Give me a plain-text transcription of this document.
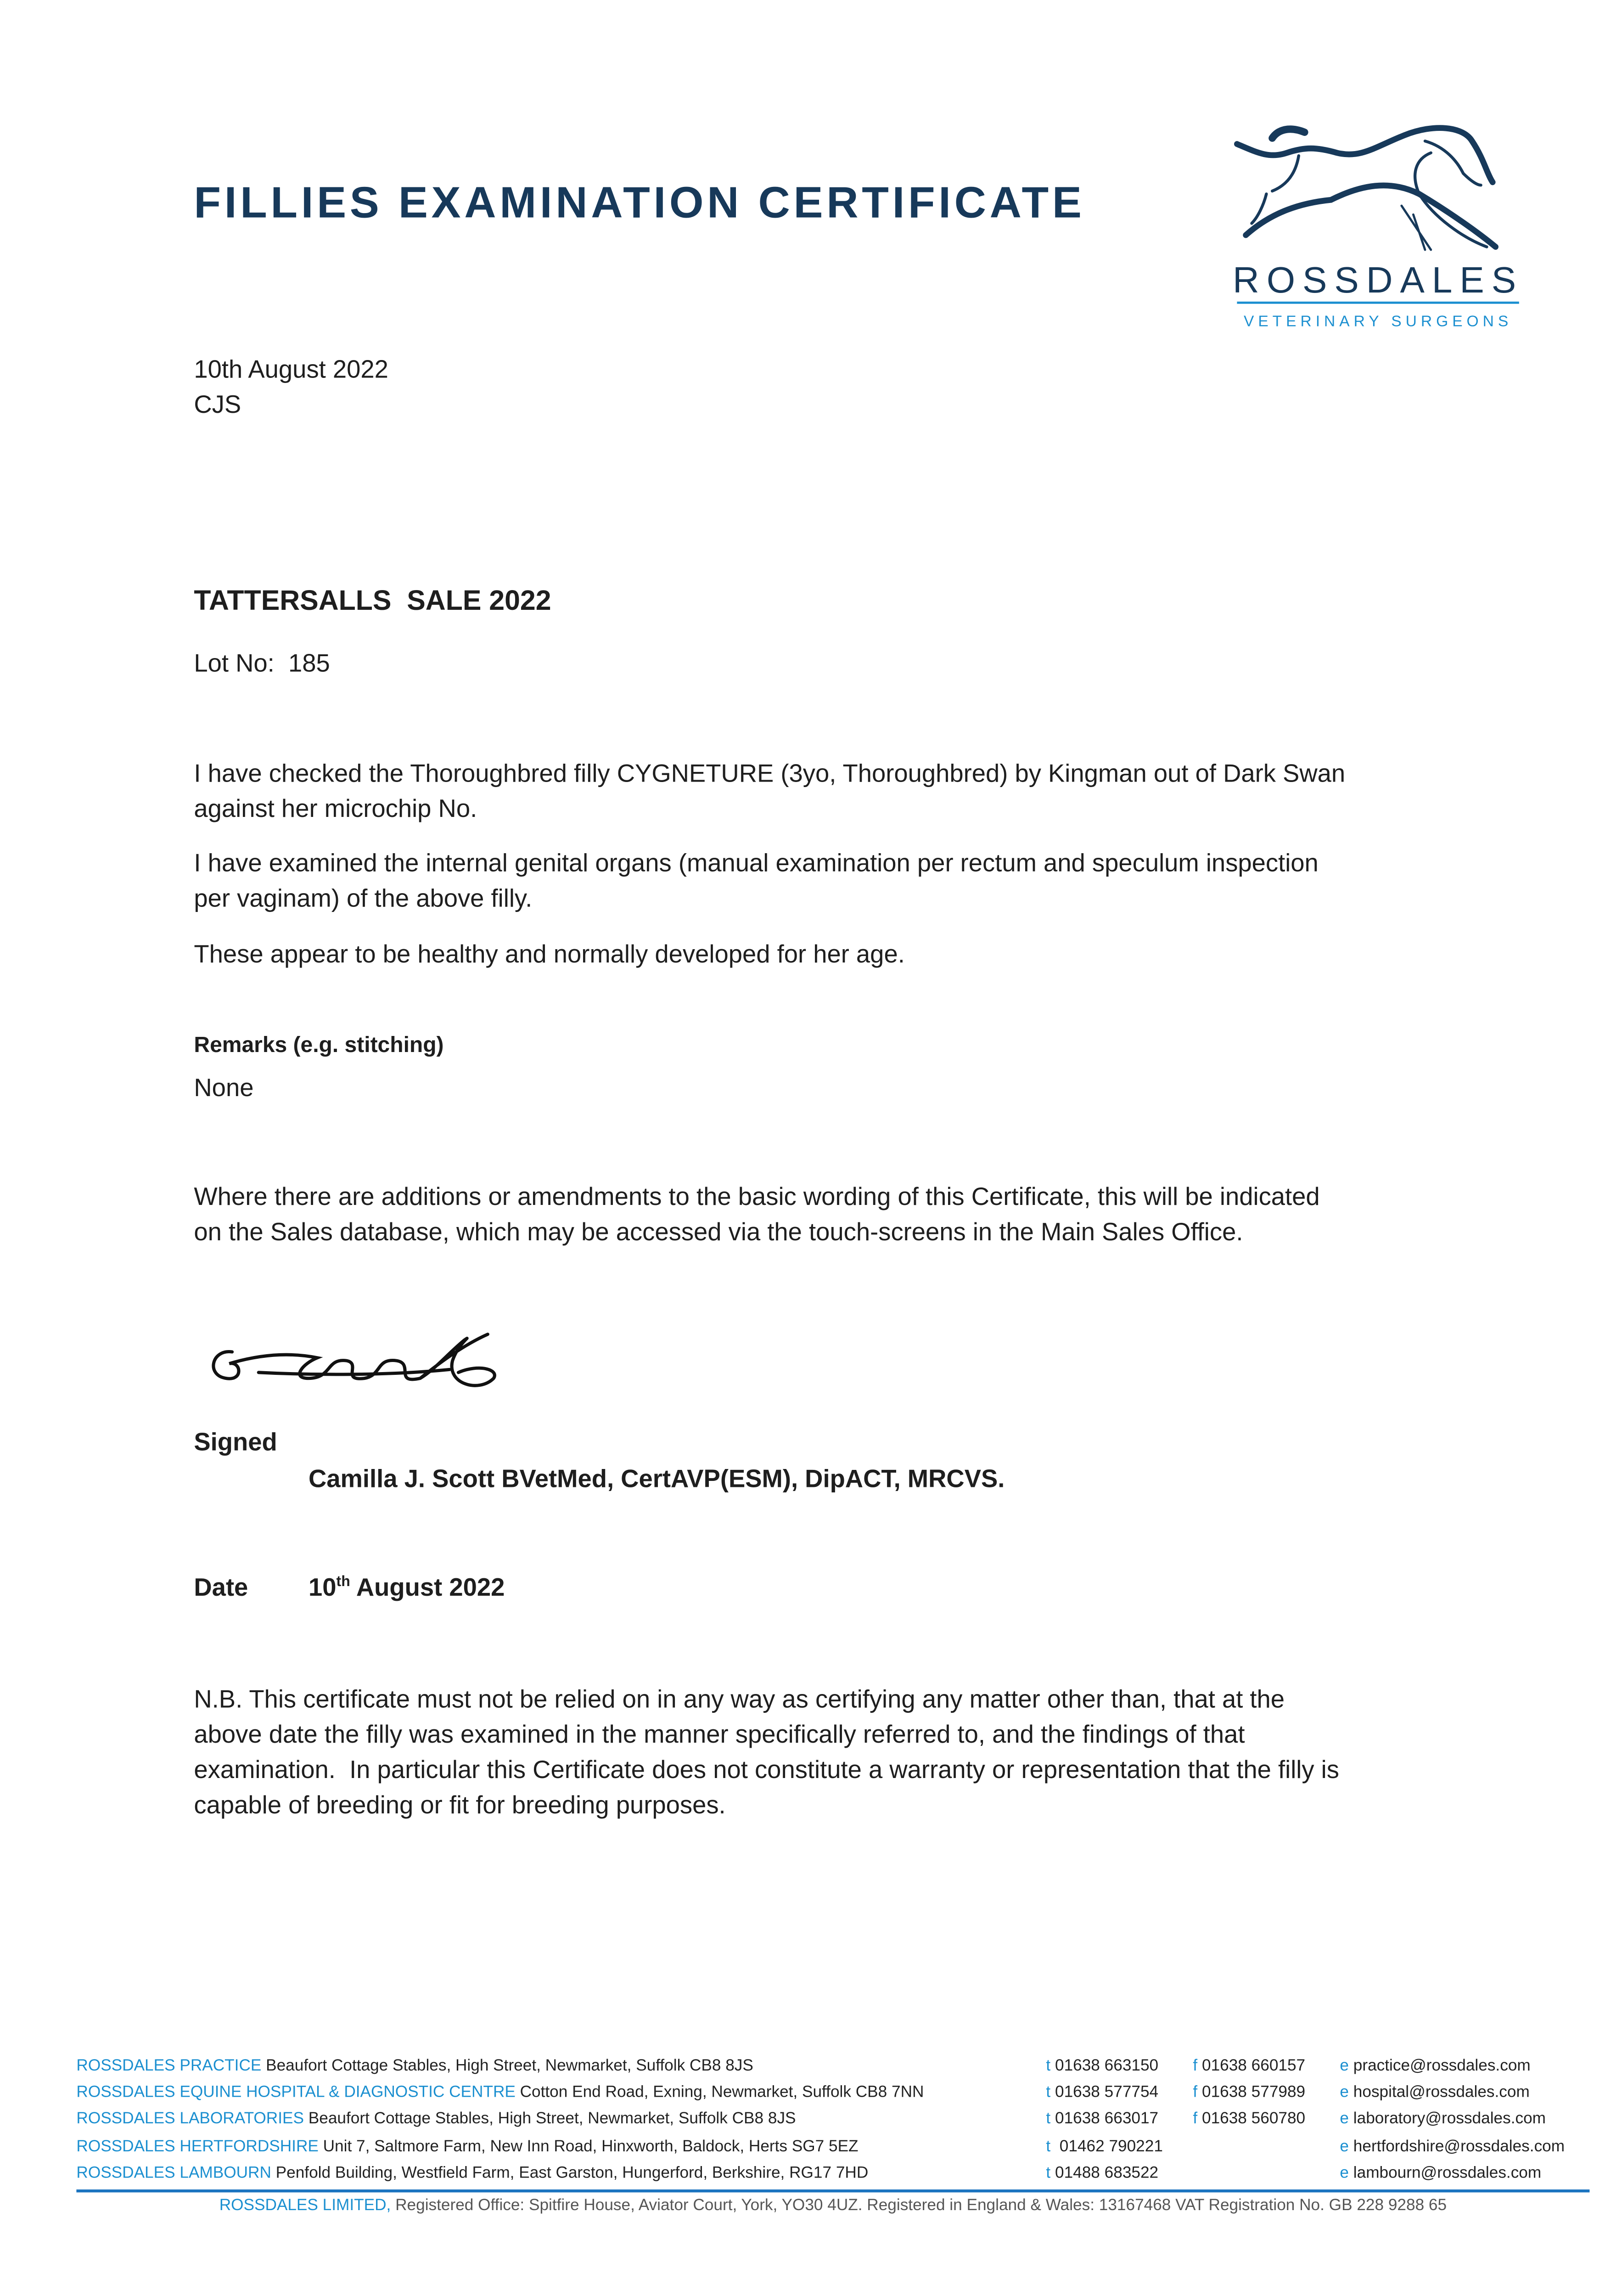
FILLIES EXAMINATION CERTIFICATE
ROSSDALES
VETERINARY SURGEONS
10th August 2022
CJS
TATTERSALLS  SALE 2022
Lot No: 185
I have checked the Thoroughbred filly CYGNETURE (3yo, Thoroughbred) by Kingman out of Dark Swan
against her microchip No.
I have examined the internal genital organs (manual examination per rectum and speculum inspection
per vaginam) of the above filly.
These appear to be healthy and normally developed for her age.
Remarks (e.g. stitching)
None
Where there are additions or amendments to the basic wording of this Certificate, this will be indicated
on the Sales database, which may be accessed via the touch-screens in the Main Sales Office.
Signed
Camilla J. Scott BVetMed, CertAVP(ESM), DipACT, MRCVS.
Date	10th August 2022
N.B. This certificate must not be relied on in any way as certifying any matter other than, that at the
above date the filly was examined in the manner specifically referred to, and the findings of that
examination.  In particular this Certificate does not constitute a warranty or representation that the filly is
capable of breeding or fit for breeding purposes.
ROSSDALES PRACTICE Beaufort Cottage Stables, High Street, Newmarket, Suffolk CB8 8JS	t 01638 663150	f 01638 660157	e practice@rossdales.com
ROSSDALES EQUINE HOSPITAL & DIAGNOSTIC CENTRE Cotton End Road, Exning, Newmarket, Suffolk CB8 7NN	t 01638 577754	f 01638 577989	e hospital@rossdales.com
ROSSDALES LABORATORIES Beaufort Cottage Stables, High Street, Newmarket, Suffolk CB8 8JS	t 01638 663017	f 01638 560780	e laboratory@rossdales.com
ROSSDALES HERTFORDSHIRE Unit 7, Saltmore Farm, New Inn Road, Hinxworth, Baldock, Herts SG7 5EZ	t  01462 790221	e hertfordshire@rossdales.com
ROSSDALES LAMBOURN Penfold Building, Westfield Farm, East Garston, Hungerford, Berkshire, RG17 7HD	t 01488 683522	e lambourn@rossdales.com
ROSSDALES LIMITED, Registered Office: Spitfire House, Aviator Court, York, YO30 4UZ. Registered in England & Wales: 13167468 VAT Registration No. GB 228 9288 65
